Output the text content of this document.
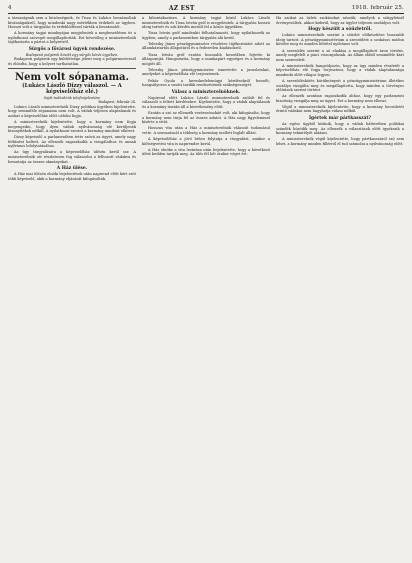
4	AZ EST	1918. február 25.

a társaságnak sem a közönségnek, és Tisza és Lukács beszámoltak kívánságaikról, hogy mindenki nagy mértékben érdekelt az ügyben. Hosszú volt a tárgyalás és érdeklődéssel várták a beszámolót.

A kormány tagjai mindnyájan megjelentek a megbeszélésen és a nyilatkozat szövegét megállapították. Ezt követőleg a miniszterelnök tájékoztatta a pártot a helyzetről.

Sürgős a fővárosi ügyek rendezése.
Budapesti polgárok között egy sürgős kérés ügyében.

Budapesti polgárok egy küldöttsége jelent meg a polgármesternél és előadta, hogy a helyzet tarthatatlan.

Nem volt sópanama.
(Lukács László Dizzy válaszol. — A képviselőház elé.)
Saját tudósítónk telefonjelentése
Budapest, február 24.

Lukács László miniszterelnök Dizzy politikai ügyében kijelentette, hogy semmiféle sópanama nem volt. A vádak teljesen alaptalanok és azokat a képviselőház előtt cáfolni fogja.

A miniszterelnök kijelentette, hogy a kormány nem fogja megengedni, hogy ilyen vádak nyilvánosság elé kerüljenek bizonyítékok nélkül. A nyilatkozat szerint a kormány mindent elkövet.

Dizzy képviselő a parlamentben tette szóvá az ügyet, amely nagy feltűnést keltett. Az ellenzék ragaszkodik a vizsgálathoz és annak nyilvános lefolytatásához.

Az ügy tárgyalására a képviselőház ülésén kerül sor. A miniszterelnök ott részletesen fog válaszolni a felhozott vádakra és bemutatja az összes okmányokat.

A Ház ülése.

A Ház mai ülésén elnöki bejelentések után napirend előtt kért szót több képviselő, akik a kormány eljárását kifogásolták.

a kibontakozásra. A kormány tagjai közül Lukács László miniszterelnök és Tisza István gróf is megjelentek. A tárgyalás hosszú ideig tartott és sok kérdés merült fel a közös ügyekben.

Tisza István gróf mindenkit felhatalmazott, hogy nyilatkozzék az ügyben, amely a parlamentben tárgyalás alá kerül.

Teleszky János pénzügyminiszter részletes tájékoztatást adott az államháztartás állapotáról és a fedezetlen kiadásokról.

Tisza István gróf ezután hosszabb beszédben fejtette ki álláspontját. Hangoztatta, hogy a munkapárt egységes és a kormány mögött áll.

Teleszky János pénzügyminiszter ismertette a javaslatokat, amelyeket a képviselőház elé terjesztenek.

Pekár Gyula a kereskedelemügyi kérdésekről beszélt, hangsúlyozva a vasúti tarifák rendezésének szükségességét.

Válasz a miniszterelnöknek.

Napirend előtt Lukács László miniszterelnök szólalt fel és válaszolt a feltett kérdésekre. Kijelentette, hogy a vádak alaptalanok és a kormány tisztán áll a közvélemény előtt.

Ezután a szó az ellenzék vezérszónokáé volt, aki kifogásolta, hogy a kormány nem tárja fel az összes adatot. A Ház nagy figyelemmel kísérte a vitát.

Hosszas vita után a Ház a miniszterelnök válaszát tudomásul vette. A szavazásnál a többség a kormány mellett foglalt állást.

A képviselőház a jövő héten folytatja a tárgyalást, amikor a költségvetési vita is napirendre kerül.

A Ház elnöke a vita lezárása után bejelentette, hogy a következő ülést kedden tartják meg. Az ülés fél hét órakor véget ért.

Ha azokat az üzleti szokásokat nézzük, amelyek a sóügyletnél érvényesültek, akkor kiderül, hogy az ügylet teljesen szabályos volt.

Hogy készült a sóüzletről.

Lukács miniszterelnök szerint a sóüzlet előkészítése hosszabb ideig tartott. A pénzügyminisztérium a szerződést a szokásos módon kötötte meg és minden feltétel nyilvános volt.

A szerződés szerint a só eladása a megállapított áron történt, amely megfelelt a piaci viszonyoknak. Az állam ebből semmiféle kárt nem szenvedett.

A miniszterelnök hangsúlyozta, hogy az ügy minden részletét a képviselőház elé fogja terjeszteni, hogy a vádak alaptalansága mindenki előtt világos legyen.

A szerződéskötés körülményeit a pénzügyminisztérium illetékes osztálya vizsgálta meg és megállapította, hogy minden a törvényes előírások szerint történt.

Az ellenzék azonban ragaszkodik ahhoz, hogy egy parlamenti bizottság vizsgálja meg az ügyet. Ezt a kormány nem ellenzi.

Végül a miniszterelnök kijelentette, hogy a kormány becsületét érintő vádakat nem hagyhatja válasz nélkül.

Ígértek már pártkasszát?

Az egész ügyből kitűnik, hogy a vádak hátterében politikai szándék húzódik meg. Az ellenzék a választások előtt igyekszik a kormány tekintélyét aláásni.

A miniszterelnök végül kijelentette, hogy pártkasszáról szó sem lehet, a kormány minden fillérről el tud számolni a nyilvánosság előtt.
